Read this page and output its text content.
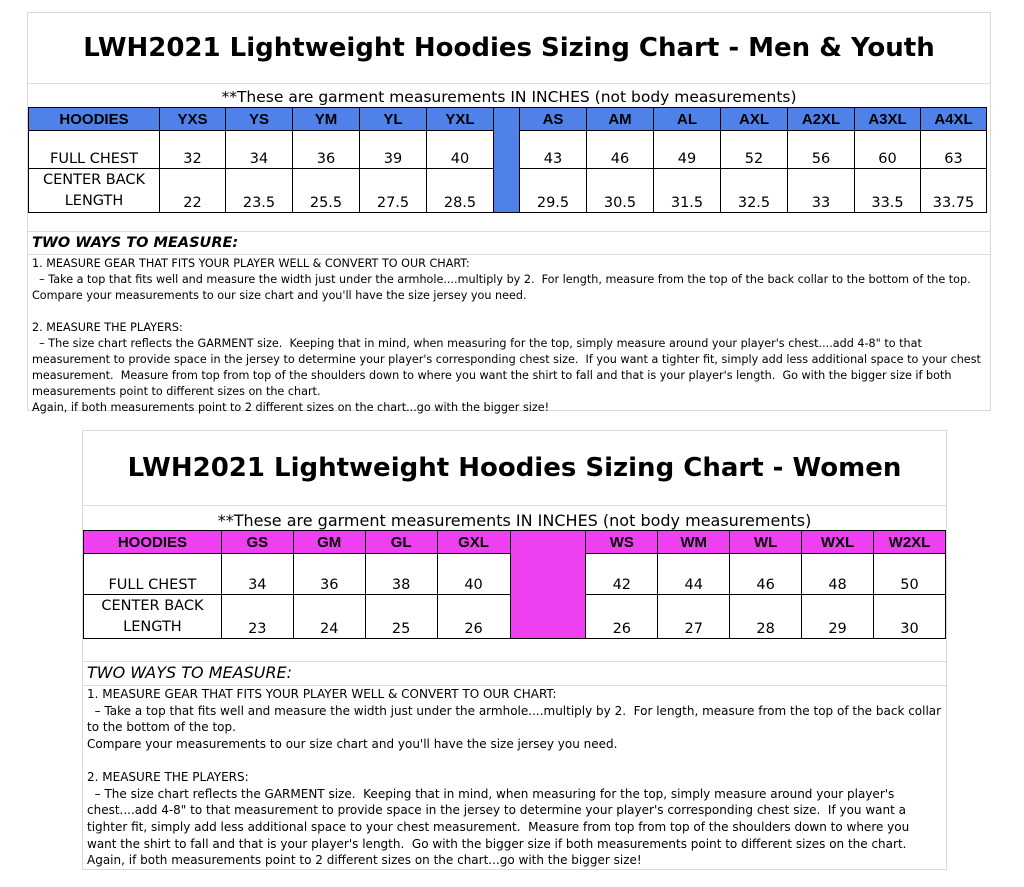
LWH2021 Lightweight Hoodies Sizing Chart - Men & Youth
**These are garment measurements IN INCHES (not body measurements)
HOODIES	YXS	YS	YM	YL	YXL		AS	AM	AL	AXL	A2XL	A3XL	A4XL
FULL CHEST	32	34	36	39	40		43	46	49	52	56	60	63
CENTER BACK
LENGTH	22	23.5	25.5	27.5	28.5		29.5	30.5	31.5	32.5	33	33.5	33.75
TWO WAYS TO MEASURE:

1. MEASURE GEAR THAT FITS YOUR PLAYER WELL & CONVERT TO OUR CHART:

– Take a top that fits well and measure the width just under the armhole....multiply by 2.  For length, measure from the top of the back collar to the bottom of the top.

Compare your measurements to our size chart and you'll have the size jersey you need.

2. MEASURE THE PLAYERS:

– The size chart reflects the GARMENT size.  Keeping that in mind, when measuring for the top, simply measure around your player's chest....add 4-8" to that measurement to provide space in the jersey to determine your player's corresponding chest size.  If you want a tighter fit, simply add less additional space to your chest measurement.  Measure from top from top of the shoulders down to where you want the shirt to fall and that is your player's length.  Go with the bigger size if both measurements point to different sizes on the chart.

Again, if both measurements point to 2 different sizes on the chart...go with the bigger size!

LWH2021 Lightweight Hoodies Sizing Chart - Women
**These are garment measurements IN INCHES (not body measurements)
HOODIES	GS	GM	GL	GXL		WS	WM	WL	WXL	W2XL
FULL CHEST	34	36	38	40		42	44	46	48	50
CENTER BACK
LENGTH	23	24	25	26		26	27	28	29	30
TWO WAYS TO MEASURE:

1. MEASURE GEAR THAT FITS YOUR PLAYER WELL & CONVERT TO OUR CHART:

– Take a top that fits well and measure the width just under the armhole....multiply by 2.  For length, measure from the top of the back collar to the bottom of the top.

Compare your measurements to our size chart and you'll have the size jersey you need.

2. MEASURE THE PLAYERS:

– The size chart reflects the GARMENT size.  Keeping that in mind, when measuring for the top, simply measure around your player's chest....add 4-8" to that measurement to provide space in the jersey to determine your player's corresponding chest size.  If you want a tighter fit, simply add less additional space to your chest measurement.  Measure from top from top of the shoulders down to where you want the shirt to fall and that is your player's length.  Go with the bigger size if both measurements point to different sizes on the chart.

Again, if both measurements point to 2 different sizes on the chart...go with the bigger size!
